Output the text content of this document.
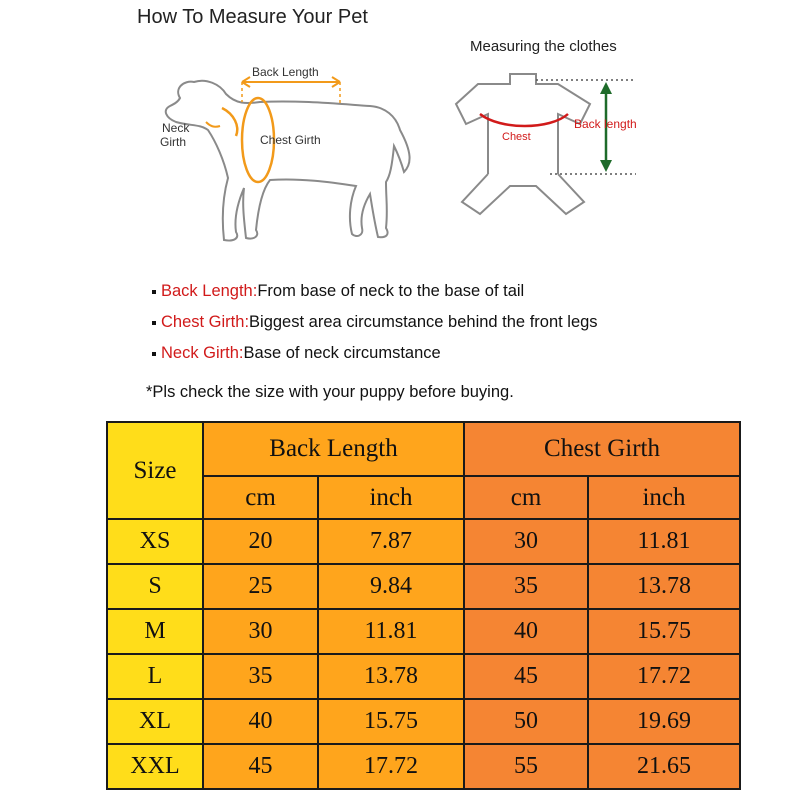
How To Measure Your Pet
Back Length
Neck
Girth	Chest Girth
Measuring the clothes
Chest
Back length
Back Length:From base of neck to the base of tail
Chest Girth:Biggest area circumstance behind the front legs
Neck Girth:Base of neck circumstance
*Pls check the size with your puppy before buying.
Size	Back Length		Chest Girth	
	cm	inch	cm	inch
XS	20	7.87	30	11.81
S	25	9.84	35	13.78
M	30	11.81	40	15.75
L	35	13.78	45	17.72
XL	40	15.75	50	19.69
XXL	45	17.72	55	21.65
